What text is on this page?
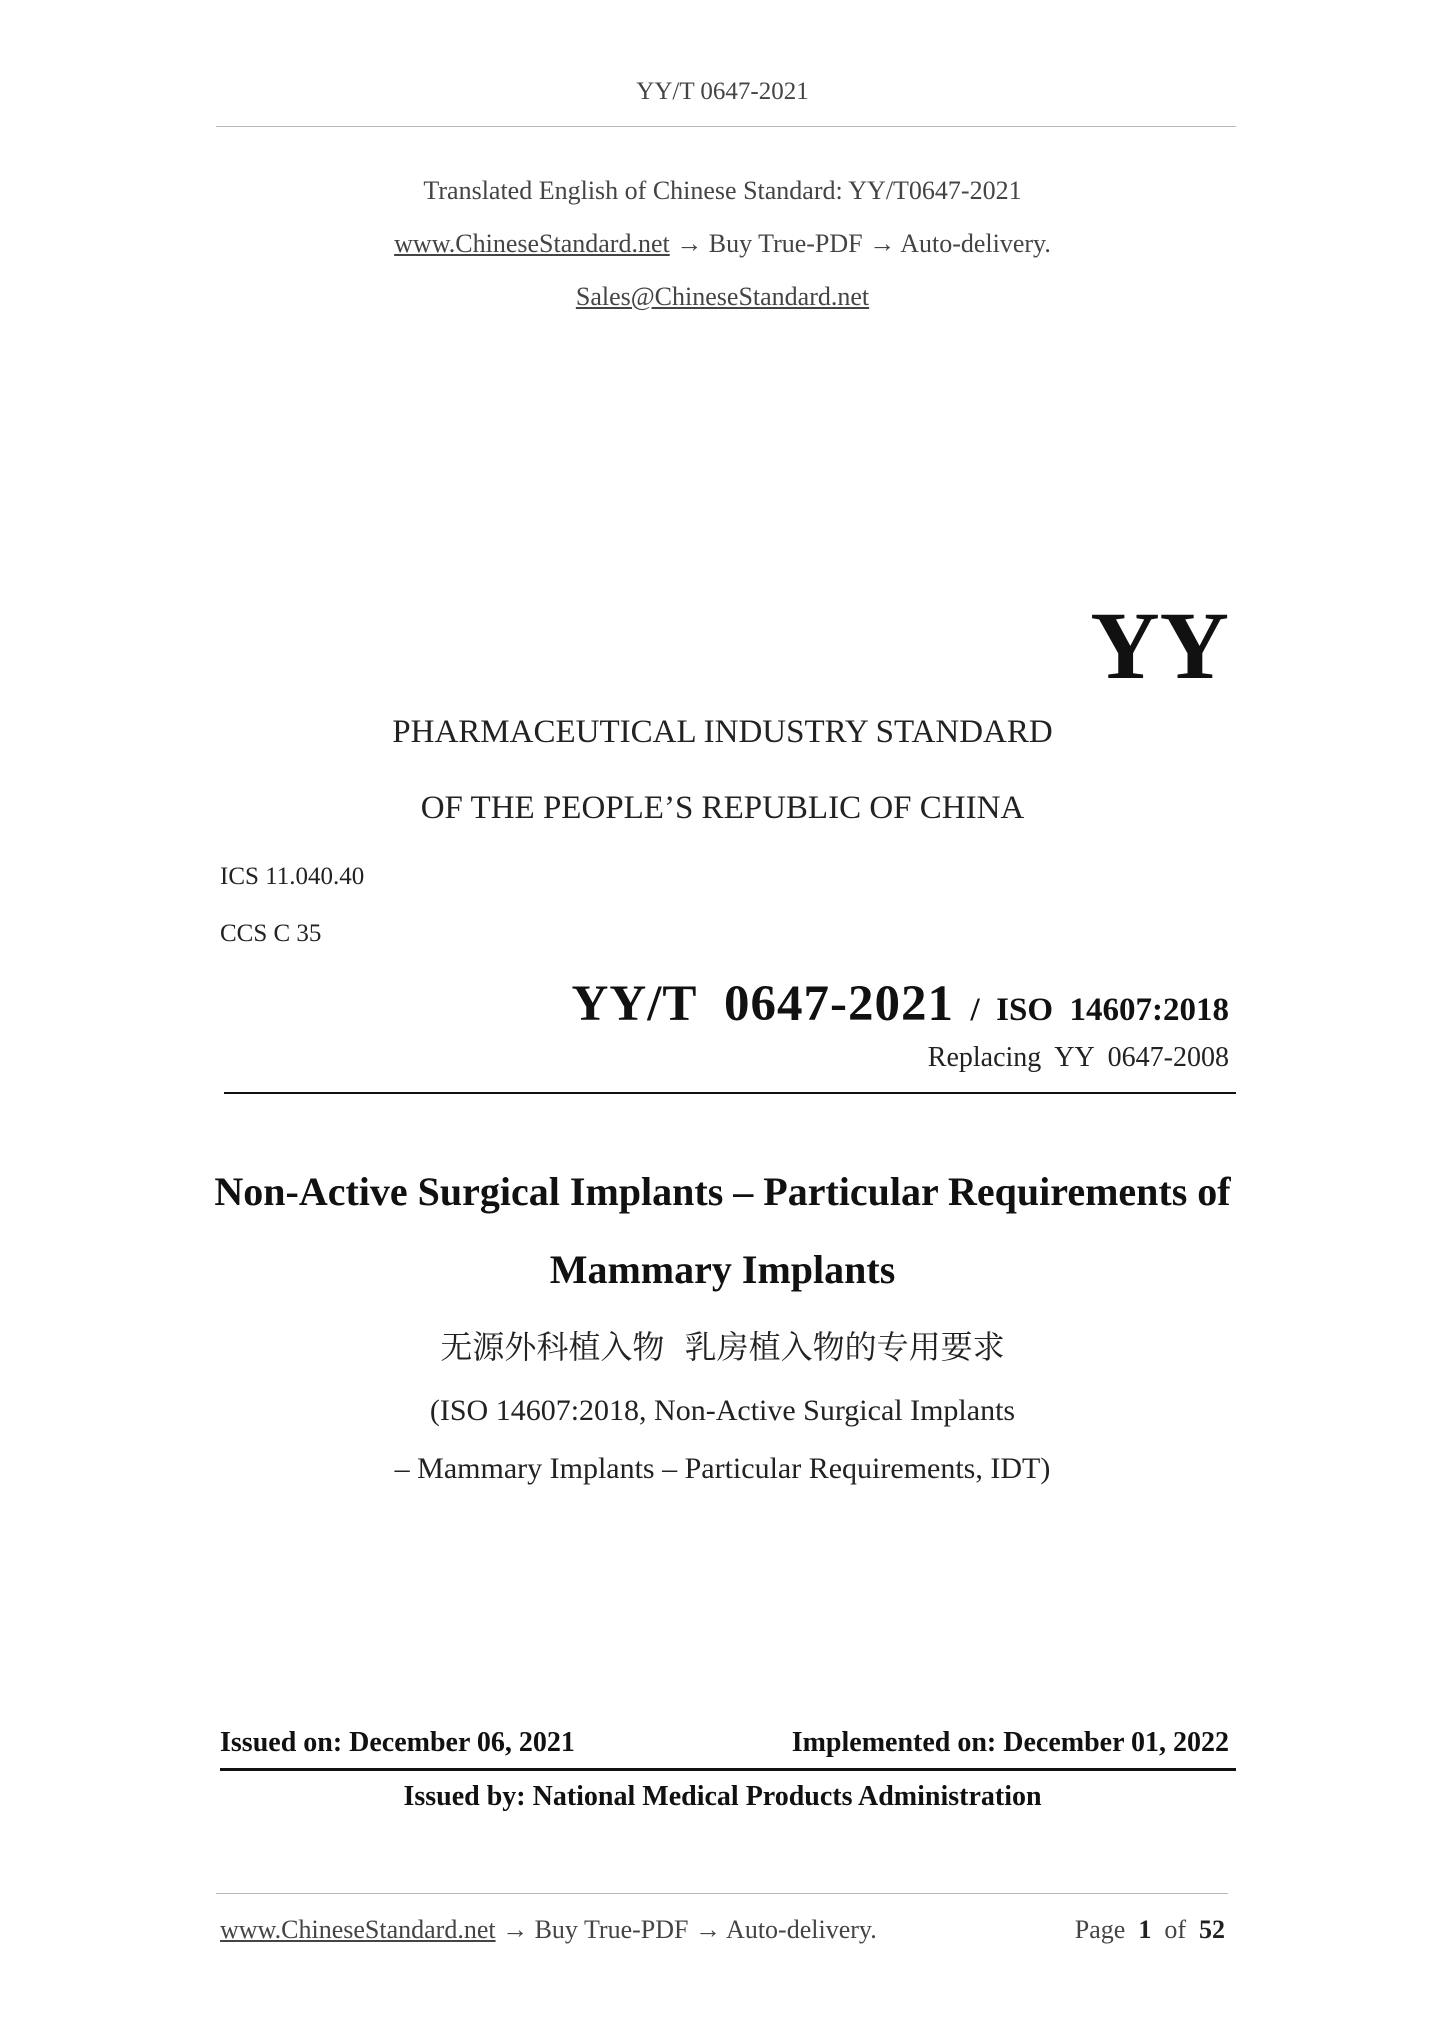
YY/T 0647-2021
Translated English of Chinese Standard: YY/T0647-2021
www.ChineseStandard.net → Buy True-PDF → Auto-delivery.
Sales@ChineseStandard.net
YY
PHARMACEUTICAL INDUSTRY STANDARD
OF THE PEOPLE’S REPUBLIC OF CHINA
ICS 11.040.40
CCS C 35
YY/T  0647-2021  /  ISO  14607:2018
Replacing  YY  0647-2008
Non-Active Surgical Implants – Particular Requirements of
Mammary Implants
无源外科植入物  乳房植入物的专用要求
(ISO 14607:2018, Non-Active Surgical Implants
– Mammary Implants – Particular Requirements, IDT)
Issued on: December 06, 2021	Implemented on: December 01, 2022
Issued by: National Medical Products Administration
www.ChineseStandard.net → Buy True-PDF → Auto-delivery.	Page 1 of 52
